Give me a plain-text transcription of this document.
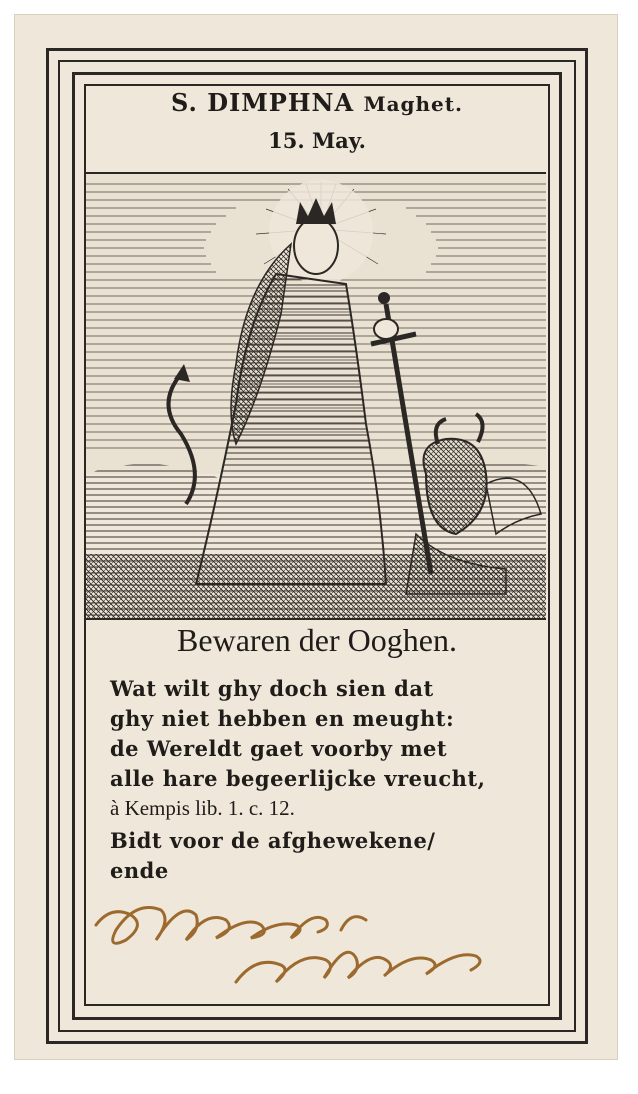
S. DIMPHNA Maghet.
15. May.
Bewaren der Ooghen.
Wat wilt ghy doch sien dat
ghy niet hebben en meught:
de Wereldt gaet voorby met
alle hare begeerlijcke vreucht,
à Kempis lib. 1. c. 12.
Bidt voor de afghewekene/
ende
